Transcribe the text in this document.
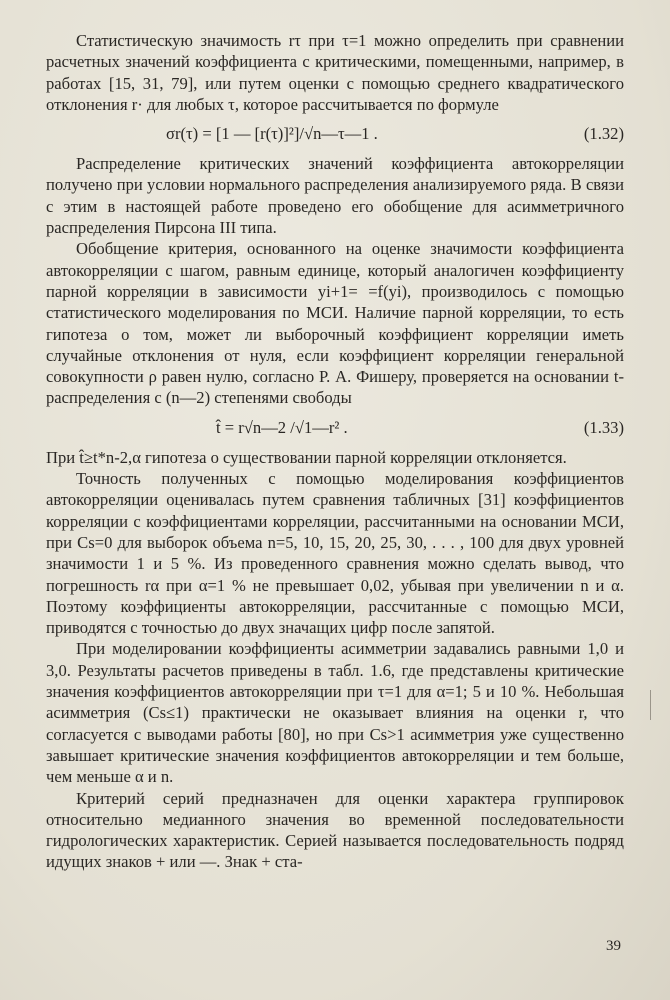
Статистическую значимость rτ при τ=1 можно определить при сравнении расчетных значений коэффициента с критическими, помещенными, например, в работах [15, 31, 79], или путем оценки с помощью среднего квадратического отклонения r· для любых τ, которое рассчитывается по формуле

σr(τ) = [1 — [r(τ)]²]/√n—τ—1 .	(1.32)

Распределение критических значений коэффициента автокорреляции получено при условии нормального распределения анализируемого ряда. В связи с этим в настоящей работе проведено его обобщение для асимметричного распределения Пирсона III типа.

Обобщение критерия, основанного на оценке значимости коэффициента автокорреляции с шагом, равным единице, который аналогичен коэффициенту парной корреляции в зависимости yi+1= =f(yi), производилось с помощью статистического моделирования по МСИ. Наличие парной корреляции, то есть гипотеза о том, может ли выборочный коэффициент корреляции иметь случайные отклонения от нуля, если коэффициент корреляции генеральной совокупности ρ равен нулю, согласно Р. А. Фишеру, проверяется на основании t-распределения с (n—2) степенями свободы

t̂ = r√n—2 /√1—r² .	(1.33)

При t̂≥t*n-2,α гипотеза о существовании парной корреляции отклоняется.

Точность полученных с помощью моделирования коэффициентов автокорреляции оценивалась путем сравнения табличных [31] коэффициентов корреляции с коэффициентами корреляции, рассчитанными на основании МСИ, при Cs=0 для выборок объема n=5, 10, 15, 20, 25, 30, . . . , 100 для двух уровней значимости 1 и 5 %. Из проведенного сравнения можно сделать вывод, что погрешность rα при α=1 % не превышает 0,02, убывая при увеличении n и α. Поэтому коэффициенты автокорреляции, рассчитанные с помощью МСИ, приводятся с точностью до двух значащих цифр после запятой.

При моделировании коэффициенты асимметрии задавались равными 1,0 и 3,0. Результаты расчетов приведены в табл. 1.6, где представлены критические значения коэффициентов автокорреляции при τ=1 для α=1; 5 и 10 %. Небольшая асимметрия (Cs≤1) практически не оказывает влияния на оценки r, что согласуется с выводами работы [80], но при Cs>1 асимметрия уже существенно завышает критические значения коэффициентов автокорреляции и тем больше, чем меньше α и n.

Критерий серий предназначен для оценки характера группировок относительно медианного значения во временной последовательности гидрологических характеристик. Серией называется последовательность подряд идущих знаков + или —. Знак + ста-

39
